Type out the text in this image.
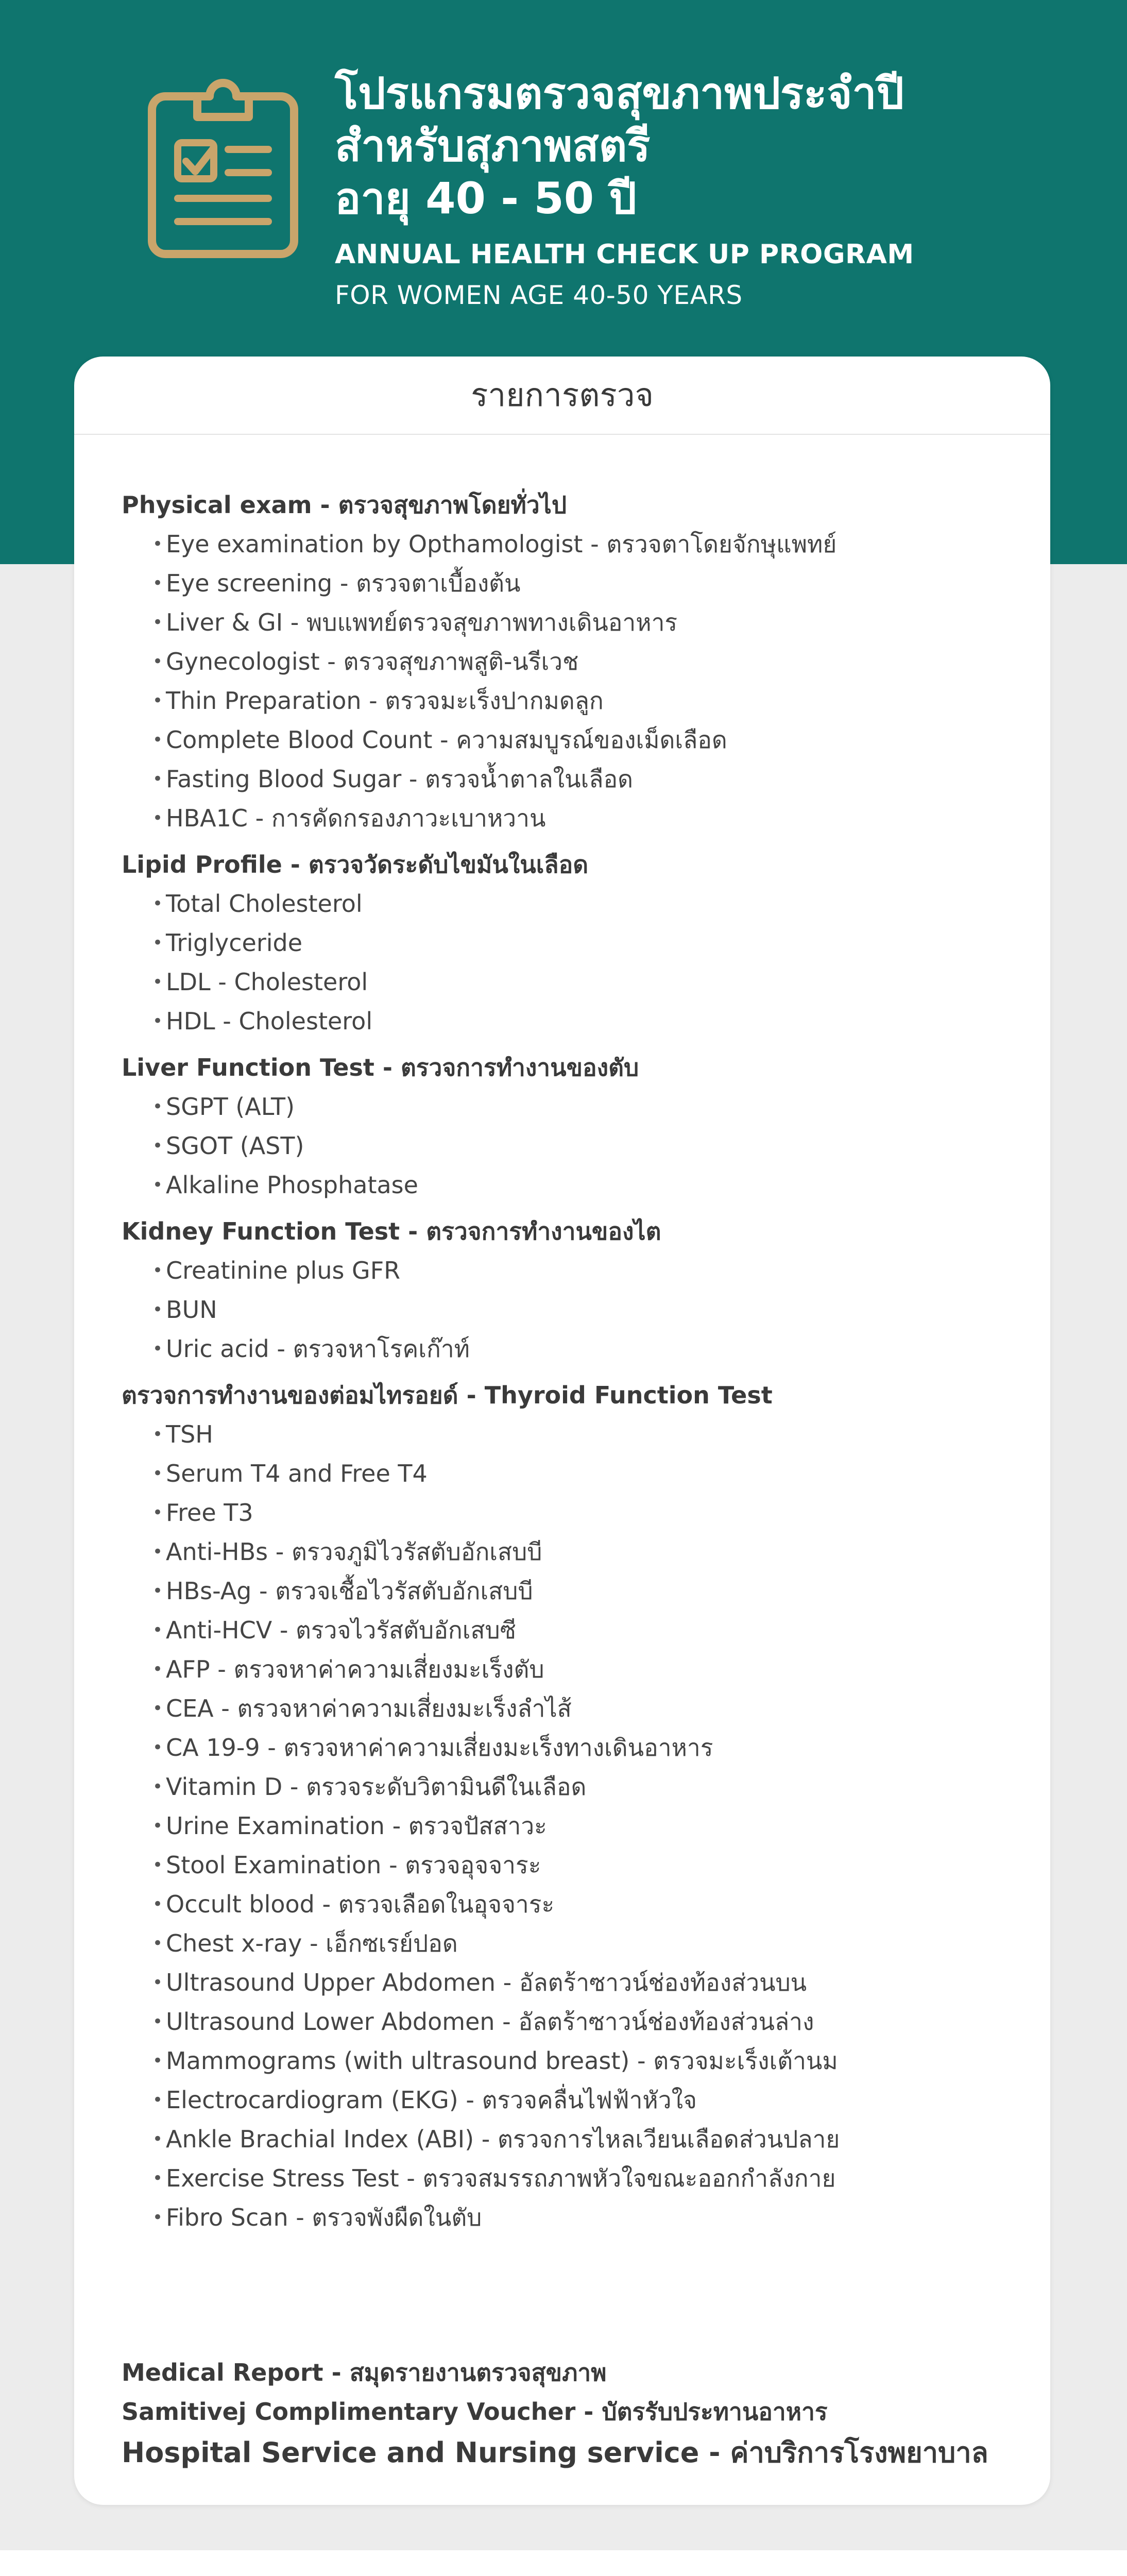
โปรแกรมตรวจสุขภาพประจำปี
สำหรับสุภาพสตรี
อายุ 40 - 50 ปี
ANNUAL HEALTH CHECK UP PROGRAM
FOR WOMEN AGE 40-50 YEARS
รายการตรวจ
Physical exam - ตรวจสุขภาพโดยทั่วไป
• Eye examination by Opthamologist - ตรวจตาโดยจักษุแพทย์
• Eye screening - ตรวจตาเบื้องต้น
• Liver & GI - พบแพทย์ตรวจสุขภาพทางเดินอาหาร
• Gynecologist - ตรวจสุขภาพสูติ-นรีเวช
• Thin Preparation - ตรวจมะเร็งปากมดลูก
• Complete Blood Count - ความสมบูรณ์ของเม็ดเลือด
• Fasting Blood Sugar - ตรวจน้ำตาลในเลือด
• HBA1C - การคัดกรองภาวะเบาหวาน
Lipid Profile - ตรวจวัดระดับไขมันในเลือด
• Total Cholesterol
• Triglyceride
• LDL - Cholesterol
• HDL - Cholesterol
Liver Function Test - ตรวจการทำงานของตับ
• SGPT (ALT)
• SGOT (AST)
• Alkaline Phosphatase
Kidney Function Test - ตรวจการทำงานของไต
• Creatinine plus GFR
• BUN
• Uric acid - ตรวจหาโรคเก๊าท์
ตรวจการทำงานของต่อมไทรอยด์ - Thyroid Function Test
• TSH
• Serum T4 and Free T4
• Free T3
• Anti-HBs - ตรวจภูมิไวรัสตับอักเสบบี
• HBs-Ag - ตรวจเชื้อไวรัสตับอักเสบบี
• Anti-HCV - ตรวจไวรัสตับอักเสบซี
• AFP - ตรวจหาค่าความเสี่ยงมะเร็งตับ
• CEA - ตรวจหาค่าความเสี่ยงมะเร็งลำไส้
• CA 19-9 - ตรวจหาค่าความเสี่ยงมะเร็งทางเดินอาหาร
• Vitamin D - ตรวจระดับวิตามินดีในเลือด
• Urine Examination - ตรวจปัสสาวะ
• Stool Examination - ตรวจอุจจาระ
• Occult blood - ตรวจเลือดในอุจจาระ
• Chest x-ray - เอ็กซเรย์ปอด
• Ultrasound Upper Abdomen - อัลตร้าซาวน์ช่องท้องส่วนบน
• Ultrasound Lower Abdomen - อัลตร้าซาวน์ช่องท้องส่วนล่าง
• Mammograms (with ultrasound breast) - ตรวจมะเร็งเต้านม
• Electrocardiogram (EKG) - ตรวจคลื่นไฟฟ้าหัวใจ
• Ankle Brachial Index (ABI) - ตรวจการไหลเวียนเลือดส่วนปลาย
• Exercise Stress Test - ตรวจสมรรถภาพหัวใจขณะออกกำลังกาย
• Fibro Scan - ตรวจพังผืดในตับ
Medical Report - สมุดรายงานตรวจสุขภาพ
Samitivej Complimentary Voucher - บัตรรับประทานอาหาร
Hospital Service and Nursing service - ค่าบริการโรงพยาบาล
